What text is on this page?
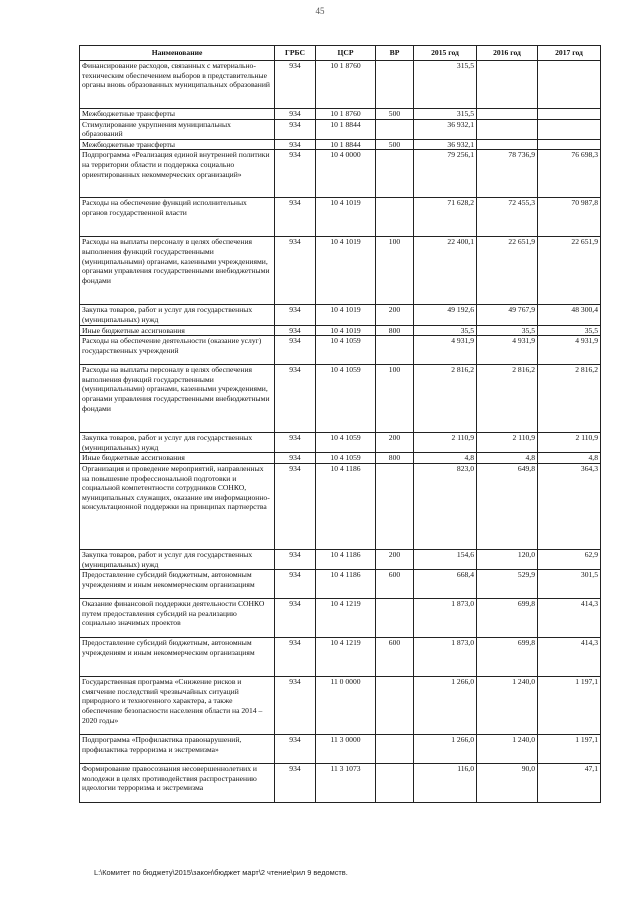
45
Наименование	ГРБС	ЦСР	ВР	2015 год	2016 год	2017 год
Финансирование расходов, связанных с материально-техническим обеспечением выборов в представительные органы вновь образованных муниципальных образований	934	10 1 8760		315,5		
Межбюджетные трансферты	934	10 1 8760	500	315,5		
Стимулирование укрупнения муниципальных образований	934	10 1 8844		36 932,1		
Межбюджетные трансферты	934	10 1 8844	500	36 932,1		
Подпрограмма «Реализация единой внутренней политики на территории области и поддержка социально ориентированных некоммерческих организаций»	934	10 4 0000		79 256,1	78 736,9	76 698,3
Расходы на обеспечение функций исполнительных органов государственной власти	934	10 4 1019		71 628,2	72 455,3	70 987,8
Расходы на выплаты персоналу в целях обеспечения выполнения функций государственными (муниципальными) органами, казенными учреждениями, органами управления государственными внебюджетными фондами	934	10 4 1019	100	22 400,1	22 651,9	22 651,9
Закупка товаров, работ и услуг для государственных (муниципальных) нужд	934	10 4 1019	200	49 192,6	49 767,9	48 300,4
Иные бюджетные ассигнования	934	10 4 1019	800	35,5	35,5	35,5
Расходы на обеспечение деятельности (оказание услуг) государственных учреждений	934	10 4 1059		4 931,9	4 931,9	4 931,9
Расходы на выплаты персоналу в целях обеспечения выполнения функций государственными (муниципальными) органами, казенными учреждениями, органами управления государственными внебюджетными фондами	934	10 4 1059	100	2 816,2	2 816,2	2 816,2
Закупка товаров, работ и услуг для государственных (муниципальных) нужд	934	10 4 1059	200	2 110,9	2 110,9	2 110,9
Иные бюджетные ассигнования	934	10 4 1059	800	4,8	4,8	4,8
Организация и проведение мероприятий, направленных на повышение профессиональной подготовки и социальной компетентности сотрудников СОНКО, муниципальных служащих, оказание им информационно-консультационной поддержки на принципах партнерства	934	10 4 1186		823,0	649,8	364,3
Закупка товаров, работ и услуг для государственных (муниципальных) нужд	934	10 4 1186	200	154,6	120,0	62,9
Предоставление субсидий бюджетным, автономным учреждениям и иным некоммерческим организациям	934	10 4 1186	600	668,4	529,9	301,5
Оказание финансовой поддержки деятельности СОНКО путем предоставления субсидий на реализацию социально значимых проектов	934	10 4 1219		1 873,0	699,8	414,3
Предоставление субсидий бюджетным, автономным учреждениям и иным некоммерческим организациям	934	10 4 1219	600	1 873,0	699,8	414,3
Государственная программа «Снижение рисков и смягчение последствий чрезвычайных ситуаций природного и техногенного характера, а также обеспечение безопасности населения области на 2014 – 2020 годы»	934	11 0 0000		1 266,0	1 240,0	1 197,1
Подпрограмма «Профилактика правонарушений, профилактика терроризма и экстремизма»	934	11 3 0000		1 266,0	1 240,0	1 197,1
Формирование правосознания несовершеннолетних и молодежи в целях противодействия распространению идеологии терроризма и экстремизма	934	11 3 1073		116,0	90,0	47,1
L:\Комитет по бюджету\2015\закон\бюджет март\2 чтение\рил 9 ведомств.
